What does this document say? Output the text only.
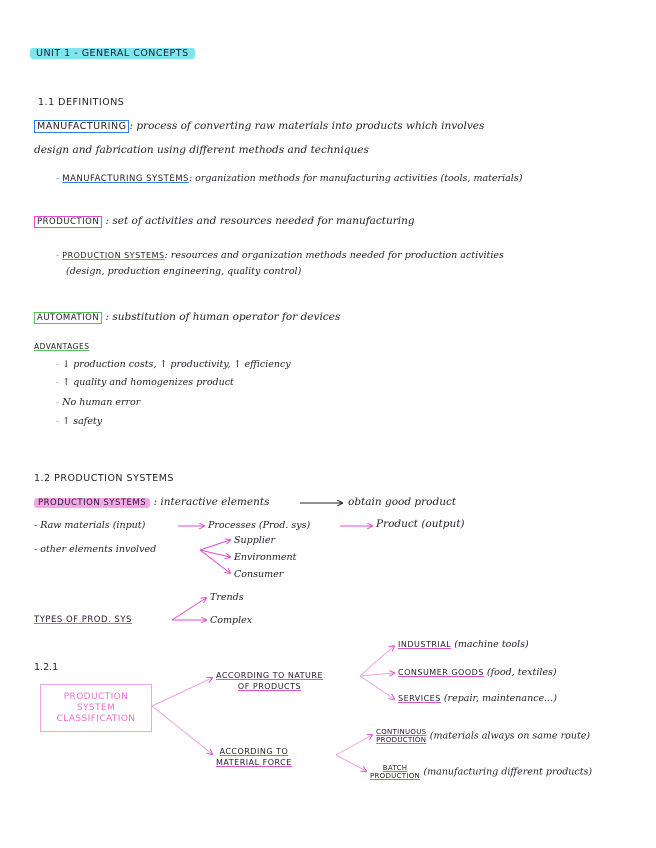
UNIT 1 - GENERAL CONCEPTS
1.1 DEFINITIONS
MANUFACTURING : process of converting raw materials into products which involves
design and fabrication using different methods and techniques
- MANUFACTURING SYSTEMS: organization methods for manufacturing activities (tools, materials)
PRODUCTION : set of activities and resources needed for manufacturing
- PRODUCTION SYSTEMS: resources and organization methods needed for production activities
(design, production engineering, quality control)
AUTOMATION : substitution of human operator for devices
ADVANTAGES
- ↓ production costs, ↑ productivity, ↑ efficiency
- ↑ quality and homogenizes product
- No human error
- ↑ safety
1.2 PRODUCTION SYSTEMS
PRODUCTION SYSTEMS : interactive elements	obtain good product
- Raw materials (input)	Processes (Prod. sys)	Product (output)
- other elements involved
Supplier
Environment
Consumer
TYPES OF PROD. SYS
Trends
Complex
1.2.1
PRODUCTION
SYSTEM
CLASSIFICATION
ACCORDING TO NATURE
OF PRODUCTS
INDUSTRIAL (machine tools)
CONSUMER GOODS (food, textiles)
SERVICES (repair, maintenance...)
ACCORDING TO
MATERIAL FORCE
CONTINUOUS
PRODUCTION (materials always on same route)
BATCH
PRODUCTION (manufacturing different products)
